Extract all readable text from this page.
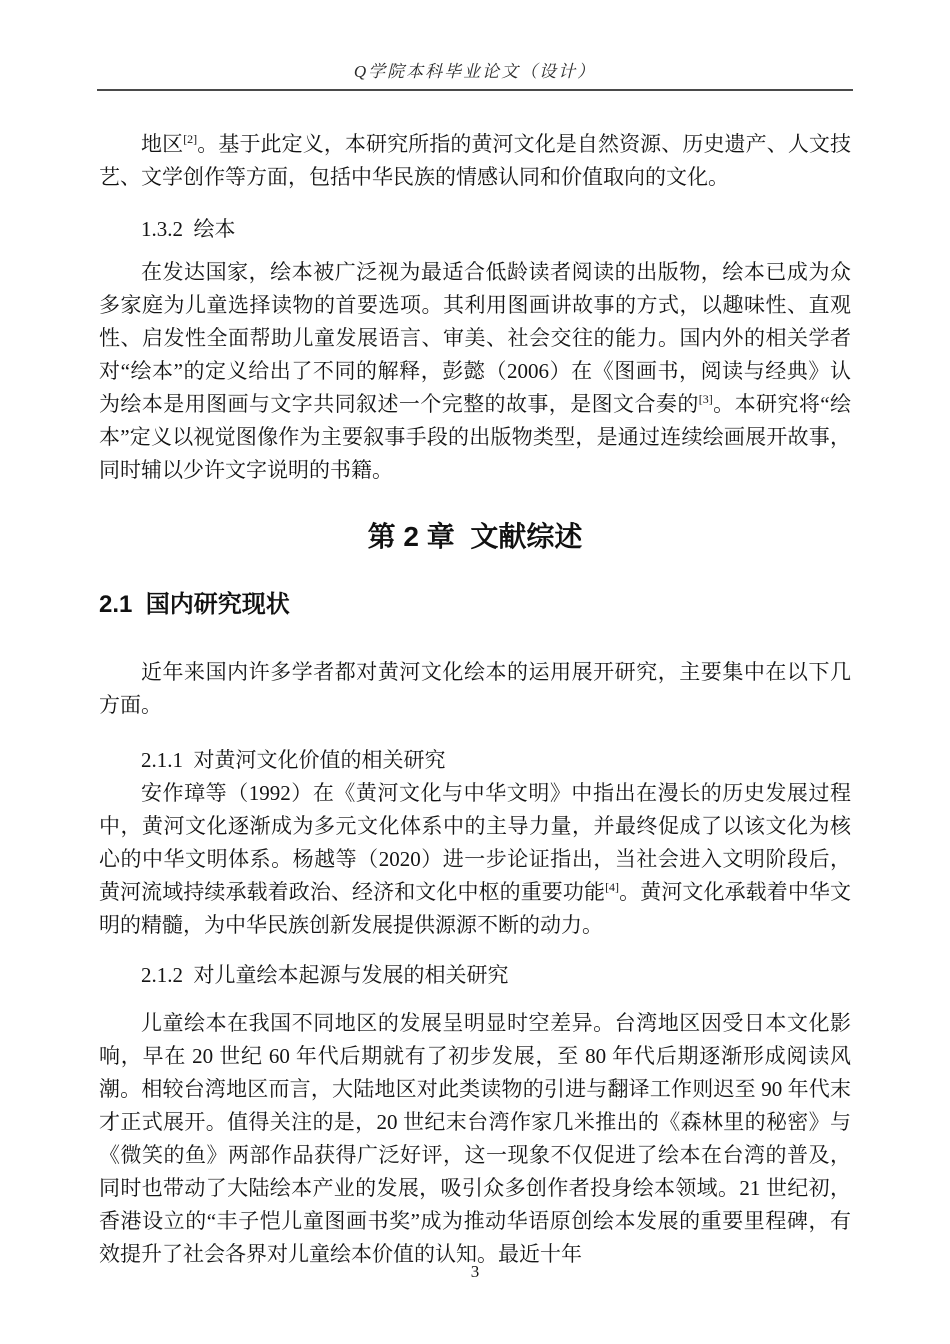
Q学院本科毕业论文（设计）

地区[2]。基于此定义，本研究所指的黄河文化是自然资源、历史遗产、人文技艺、文学创作等方面，包括中华民族的情感认同和价值取向的文化。

1.3.2  绘本

在发达国家，绘本被广泛视为最适合低龄读者阅读的出版物，绘本已成为众多家庭为儿童选择读物的首要选项。其利用图画讲故事的方式，以趣味性、直观性、启发性全面帮助儿童发展语言、审美、社会交往的能力。国内外的相关学者对“绘本”的定义给出了不同的解释，彭懿（2006）在《图画书，阅读与经典》认为绘本是用图画与文字共同叙述一个完整的故事，是图文合奏的[3]。本研究将“绘本”定义以视觉图像作为主要叙事手段的出版物类型，是通过连续绘画展开故事，同时辅以少许文字说明的书籍。

第 2 章  文献综述
2.1  国内研究现状

近年来国内许多学者都对黄河文化绘本的运用展开研究，主要集中在以下几方面。

2.1.1  对黄河文化价值的相关研究

安作璋等（1992）在《黄河文化与中华文明》中指出在漫长的历史发展过程中，黄河文化逐渐成为多元文化体系中的主导力量，并最终促成了以该文化为核心的中华文明体系。杨越等（2020）进一步论证指出，当社会进入文明阶段后，黄河流域持续承载着政治、经济和文化中枢的重要功能[4]。黄河文化承载着中华文明的精髓，为中华民族创新发展提供源源不断的动力。

2.1.2  对儿童绘本起源与发展的相关研究

儿童绘本在我国不同地区的发展呈明显时空差异。台湾地区因受日本文化影响，早在 20 世纪 60 年代后期就有了初步发展，至 80 年代后期逐渐形成阅读风潮。相较台湾地区而言，大陆地区对此类读物的引进与翻译工作则迟至 90 年代末才正式展开。值得关注的是，20 世纪末台湾作家几米推出的《森林里的秘密》与《微笑的鱼》两部作品获得广泛好评，这一现象不仅促进了绘本在台湾的普及，同时也带动了大陆绘本产业的发展，吸引众多创作者投身绘本领域。21 世纪初，香港设立的“丰子恺儿童图画书奖”成为推动华语原创绘本发展的重要里程碑，有效提升了社会各界对儿童绘本价值的认知。最近十年

3
